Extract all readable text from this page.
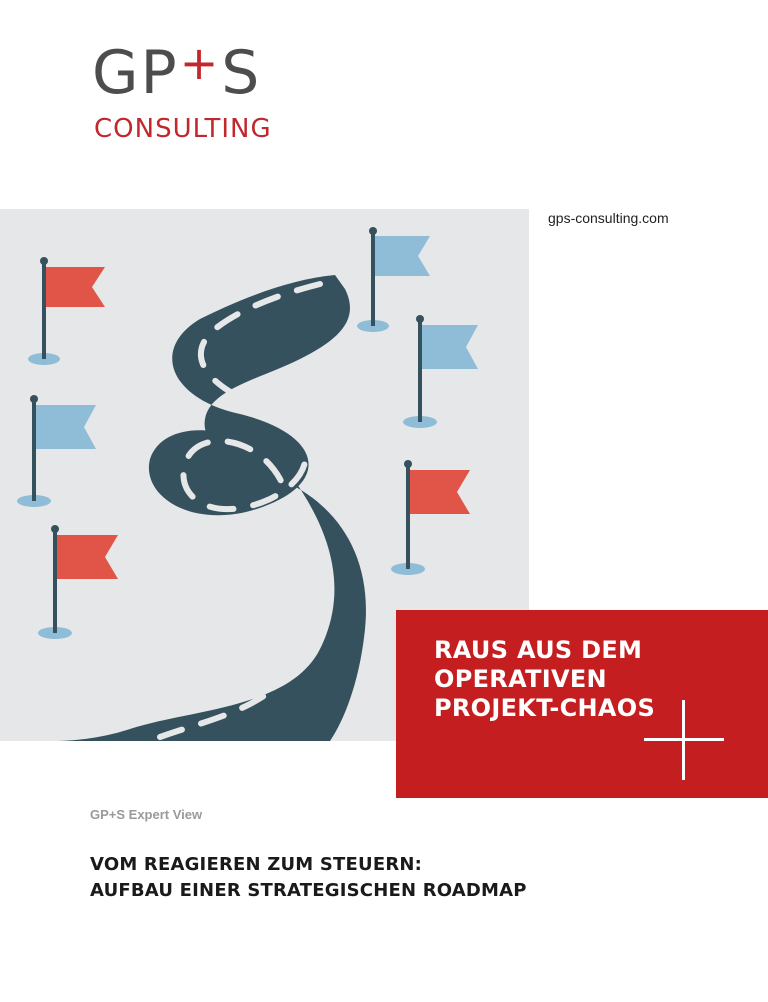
GP+S
CONSULTING
gps-consulting.com
RAUS AUS DEM
OPERATIVEN
PROJEKT-CHAOS
GP+S Expert View
VOM REAGIEREN ZUM STEUERN:
AUFBAU EINER STRATEGISCHEN ROADMAP
